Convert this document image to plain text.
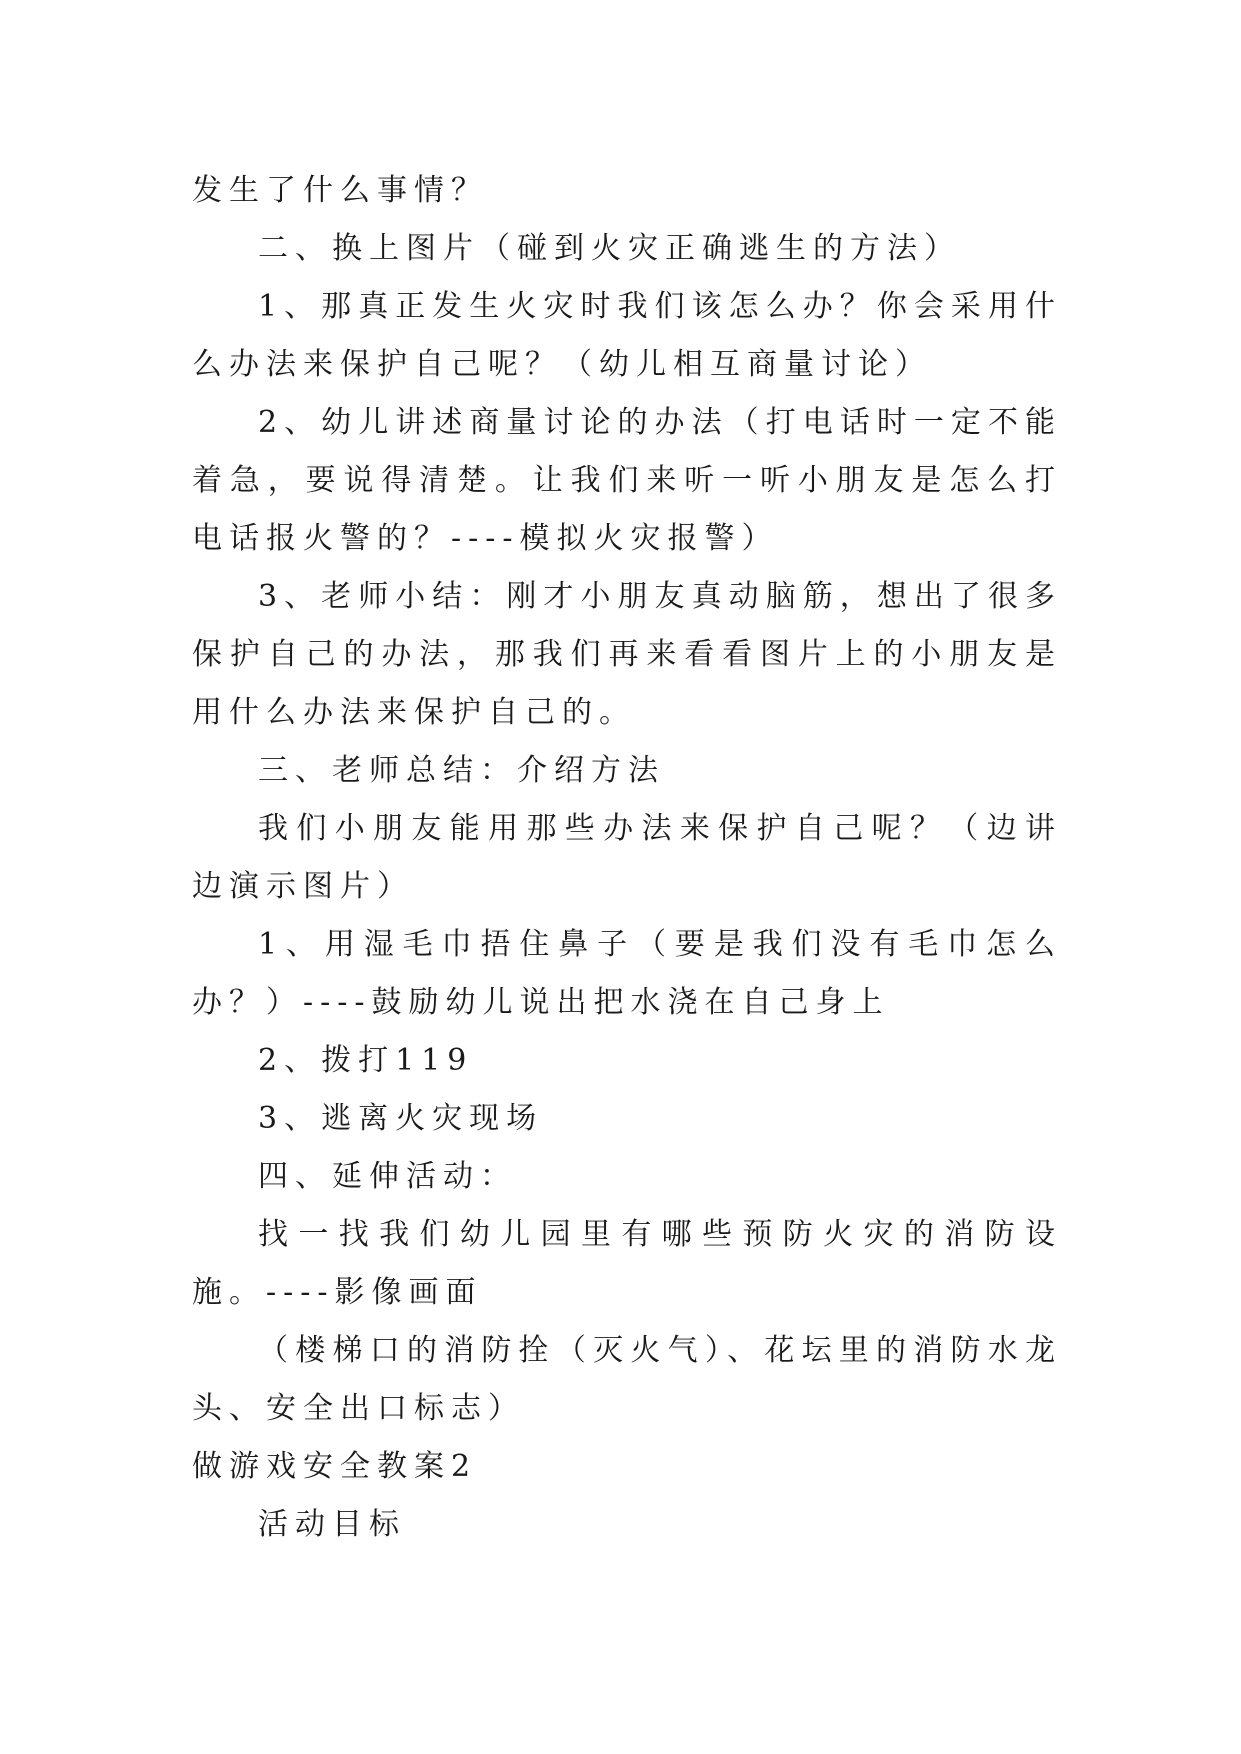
发生了什么事情？

二、换上图片（碰到火灾正确逃生的方法）

1、那真正发生火灾时我们该怎么办？你会采用什么办法来保护自己呢？（幼儿相互商量讨论）

2、幼儿讲述商量讨论的办法（打电话时一定不能着急，要说得清楚。让我们来听一听小朋友是怎么打电话报火警的？----模拟火灾报警）

3、老师小结：刚才小朋友真动脑筋，想出了很多保护自己的办法，那我们再来看看图片上的小朋友是用什么办法来保护自己的。

三、老师总结：介绍方法

我们小朋友能用那些办法来保护自己呢？（边讲边演示图片）

1、用湿毛巾捂住鼻子（要是我们没有毛巾怎么办？）----鼓励幼儿说出把水浇在自己身上

2、拨打119

3、逃离火灾现场

四、延伸活动：

找一找我们幼儿园里有哪些预防火灾的消防设施。----影像画面

（楼梯口的消防拴（灭火气）、花坛里的消防水龙头、安全出口标志）

做游戏安全教案2

活动目标
